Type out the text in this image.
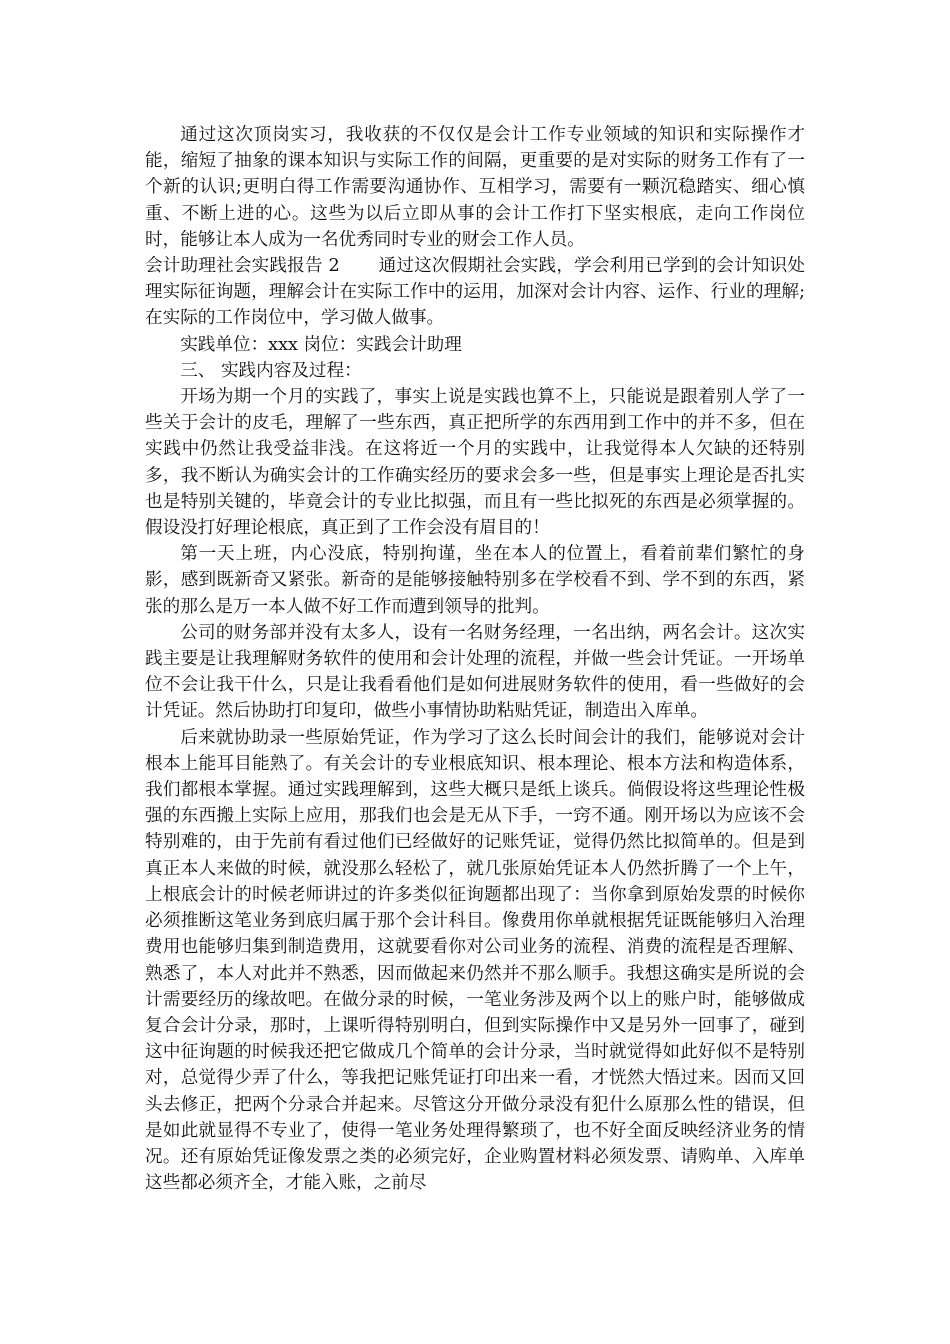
通过这次顶岗实习，我收获的不仅仅是会计工作专业领域的知识和实际操作才能，缩短了抽象的课本知识与实际工作的间隔，更重要的是对实际的财务工作有了一个新的认识;更明白得工作需要沟通协作、互相学习，需要有一颗沉稳踏实、细心慎重、不断上进的心。这些为以后立即从事的会计工作打下坚实根底，走向工作岗位时，能够让本人成为一名优秀同时专业的财会工作人员。

会计助理社会实践报告 2 通过这次假期社会实践，学会利用已学到的会计知识处理实际征询题，理解会计在实际工作中的运用，加深对会计内容、运作、行业的理解;在实际的工作岗位中，学习做人做事。

实践单位：xxx 岗位：实践会计助理

三、 实践内容及过程：

开场为期一个月的实践了，事实上说是实践也算不上，只能说是跟着别人学了一些关于会计的皮毛，理解了一些东西，真正把所学的东西用到工作中的并不多，但在实践中仍然让我受益非浅。在这将近一个月的实践中，让我觉得本人欠缺的还特别多，我不断认为确实会计的工作确实经历的要求会多一些，但是事实上理论是否扎实也是特别关键的，毕竟会计的专业比拟强，而且有一些比拟死的东西是必须掌握的。假设没打好理论根底，真正到了工作会没有眉目的！

第一天上班，内心没底，特别拘谨，坐在本人的位置上，看着前辈们繁忙的身影，感到既新奇又紧张。新奇的是能够接触特别多在学校看不到、学不到的东西，紧张的那么是万一本人做不好工作而遭到领导的批判。

公司的财务部并没有太多人，设有一名财务经理，一名出纳，两名会计。这次实践主要是让我理解财务软件的使用和会计处理的流程，并做一些会计凭证。一开场单位不会让我干什么，只是让我看看他们是如何进展财务软件的使用，看一些做好的会计凭证。然后协助打印复印，做些小事情协助粘贴凭证，制造出入库单。

后来就协助录一些原始凭证，作为学习了这么长时间会计的我们，能够说对会计根本上能耳目能熟了。有关会计的专业根底知识、根本理论、根本方法和构造体系，我们都根本掌握。通过实践理解到，这些大概只是纸上谈兵。倘假设将这些理论性极强的东西搬上实际上应用，那我们也会是无从下手，一窍不通。刚开场以为应该不会特别难的，由于先前有看过他们已经做好的记账凭证，觉得仍然比拟简单的。但是到真正本人来做的时候，就没那么轻松了，就几张原始凭证本人仍然折腾了一个上午，上根底会计的时候老师讲过的许多类似征询题都出现了：当你拿到原始发票的时候你必须推断这笔业务到底归属于那个会计科目。像费用你单就根据凭证既能够归入治理费用也能够归集到制造费用，这就要看你对公司业务的流程、消费的流程是否理解、熟悉了，本人对此并不熟悉，因而做起来仍然并不那么顺手。我想这确实是所说的会计需要经历的缘故吧。在做分录的时候，一笔业务涉及两个以上的账户时，能够做成复合会计分录，那时，上课听得特别明白，但到实际操作中又是另外一回事了，碰到这中征询题的时候我还把它做成几个简单的会计分录，当时就觉得如此好似不是特别对，总觉得少弄了什么，等我把记账凭证打印出来一看，才恍然大悟过来。因而又回头去修正，把两个分录合并起来。尽管这分开做分录没有犯什么原那么性的错误，但是如此就显得不专业了，使得一笔业务处理得繁琐了，也不好全面反映经济业务的情况。还有原始凭证像发票之类的必须完好，企业购置材料必须发票、请购单、入库单这些都必须齐全，才能入账，之前尽
